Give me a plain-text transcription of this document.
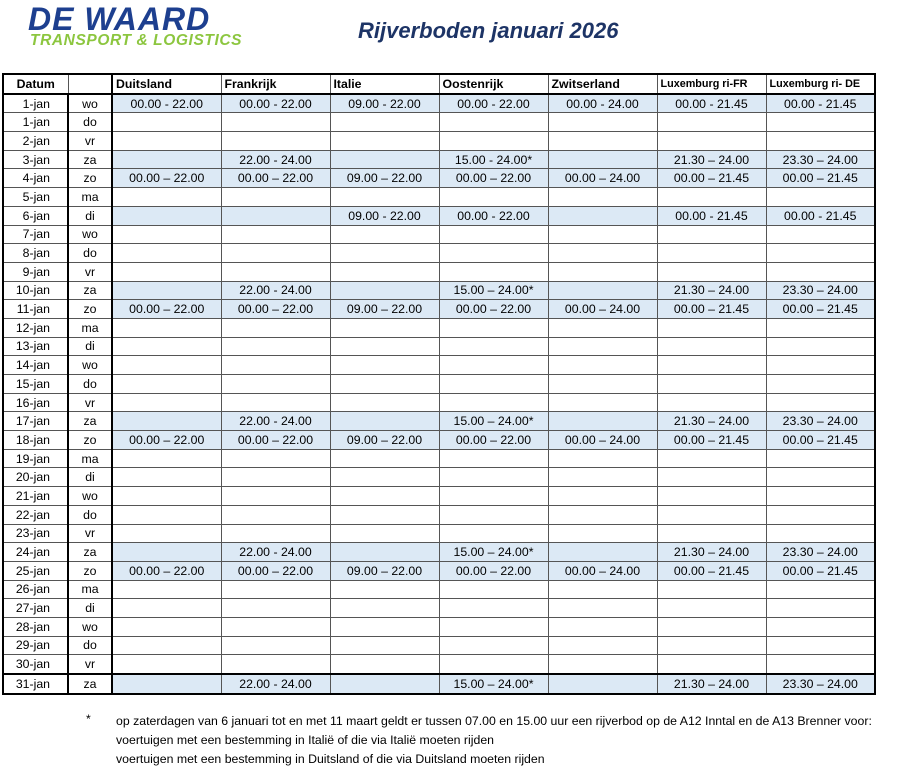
DE WAARD
TRANSPORT & LOGISTICS	Rijverboden januari 2026
Datum		Duitsland	Frankrijk	Italie	Oostenrijk	Zwitserland	Luxemburg ri-FR	Luxemburg ri- DE
1-jan	wo	00.00 - 22.00	00.00 - 22.00	09.00 - 22.00	00.00 - 22.00	00.00 - 24.00	00.00 - 21.45	00.00 - 21.45
1-jan	do							
2-jan	vr							
3-jan	za		22.00 - 24.00		15.00 - 24.00*		21.30 – 24.00	23.30 – 24.00
4-jan	zo	00.00 – 22.00	00.00 – 22.00	09.00 – 22.00	00.00 – 22.00	00.00 – 24.00	00.00 – 21.45	00.00 – 21.45
5-jan	ma							
6-jan	di			09.00 - 22.00	00.00 - 22.00		00.00 - 21.45	00.00 - 21.45
7-jan	wo							
8-jan	do							
9-jan	vr							
10-jan	za		22.00 - 24.00		15.00 – 24.00*		21.30 – 24.00	23.30 – 24.00
11-jan	zo	00.00 – 22.00	00.00 – 22.00	09.00 – 22.00	00.00 – 22.00	00.00 – 24.00	00.00 – 21.45	00.00 – 21.45
12-jan	ma							
13-jan	di							
14-jan	wo							
15-jan	do							
16-jan	vr							
17-jan	za		22.00 - 24.00		15.00 – 24.00*		21.30 – 24.00	23.30 – 24.00
18-jan	zo	00.00 – 22.00	00.00 – 22.00	09.00 – 22.00	00.00 – 22.00	00.00 – 24.00	00.00 – 21.45	00.00 – 21.45
19-jan	ma							
20-jan	di							
21-jan	wo							
22-jan	do							
23-jan	vr							
24-jan	za		22.00 - 24.00		15.00 – 24.00*		21.30 – 24.00	23.30 – 24.00
25-jan	zo	00.00 – 22.00	00.00 – 22.00	09.00 – 22.00	00.00 – 22.00	00.00 – 24.00	00.00 – 21.45	00.00 – 21.45
26-jan	ma							
27-jan	di							
28-jan	wo							
29-jan	do							
30-jan	vr							
31-jan	za		22.00 - 24.00		15.00 – 24.00*		21.30 – 24.00	23.30 – 24.00
*	op zaterdagen van 6 januari tot en met 11 maart geldt er tussen 07.00 en 15.00 uur een rijverbod op de A12 Inntal en de A13 Brenner voor:
voertuigen met een bestemming in Italië of die via Italië moeten rijden
voertuigen met een bestemming in Duitsland of die via Duitsland moeten rijden
